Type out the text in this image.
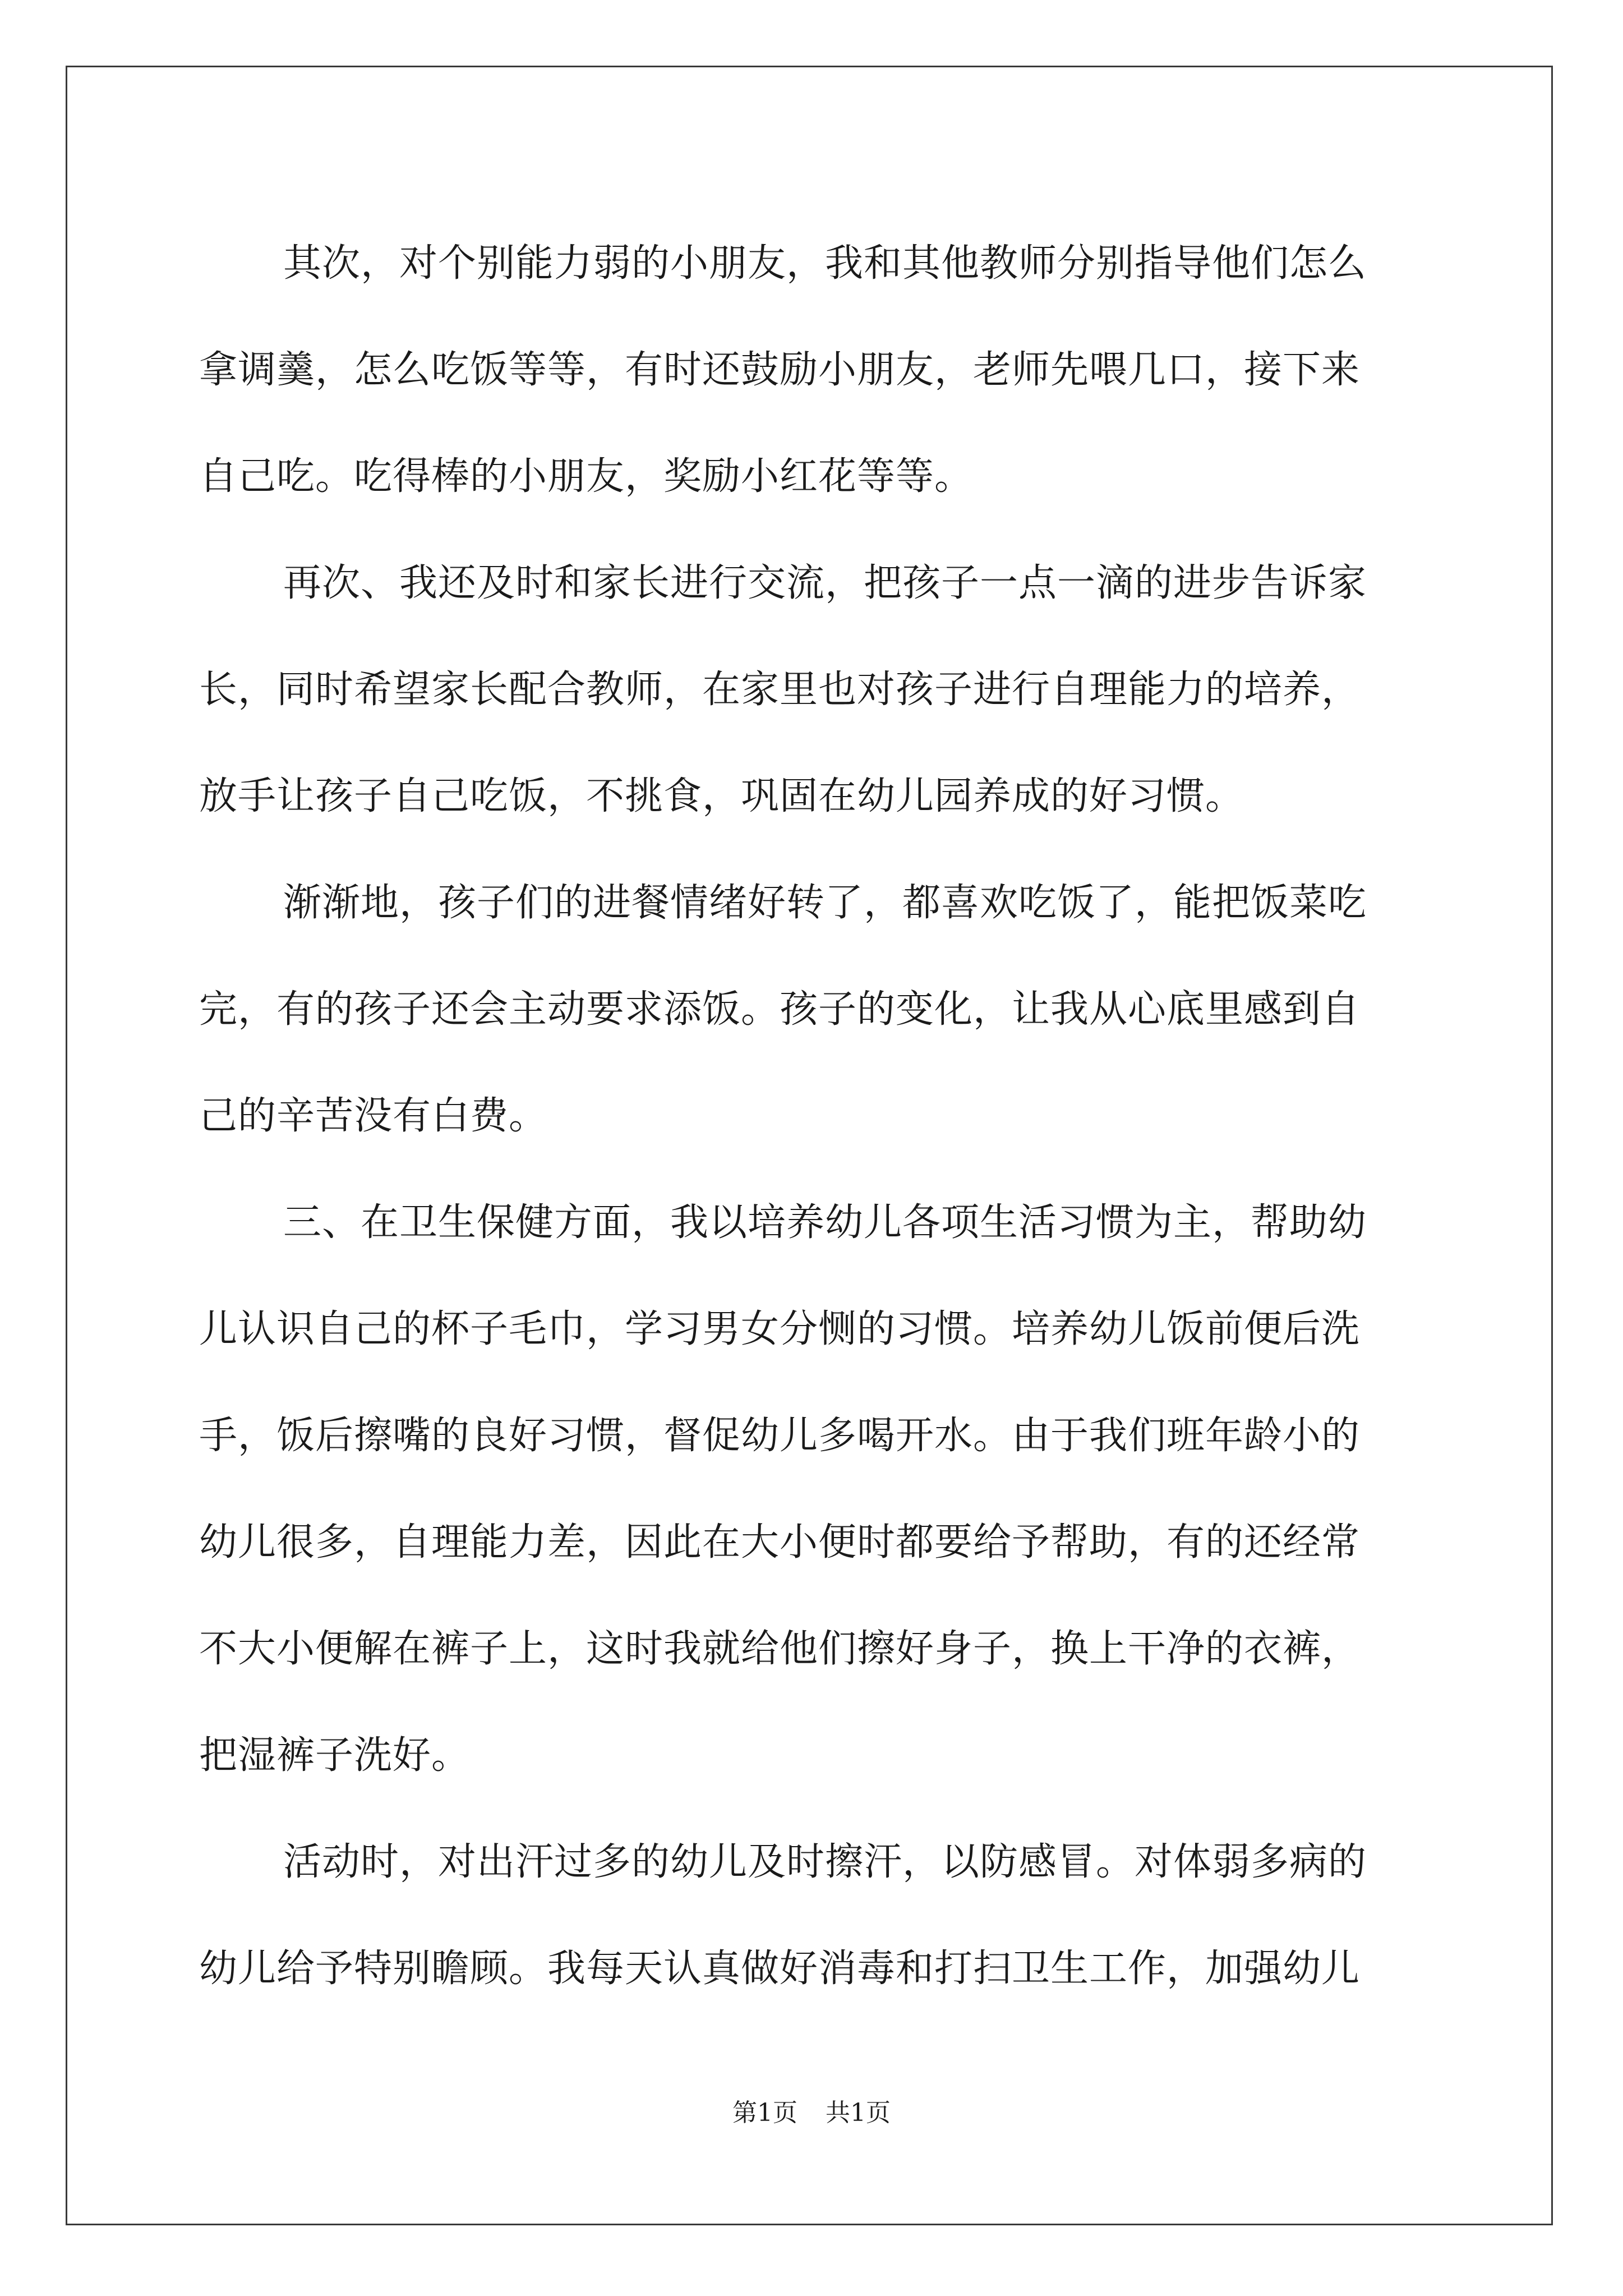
其次，对个别能力弱的小朋友，我和其他教师分别指导他们怎么
拿调羹，怎么吃饭等等，有时还鼓励小朋友，老师先喂几口，接下来
自己吃。吃得棒的小朋友，奖励小红花等等。

再次、我还及时和家长进行交流，把孩子一点一滴的进步告诉家
长，同时希望家长配合教师，在家里也对孩子进行自理能力的培养，
放手让孩子自己吃饭，不挑食，巩固在幼儿园养成的好习惯。

渐渐地，孩子们的进餐情绪好转了，都喜欢吃饭了，能把饭菜吃
完，有的孩子还会主动要求添饭。孩子的变化，让我从心底里感到自
己的辛苦没有白费。

三、在卫生保健方面，我以培养幼儿各项生活习惯为主，帮助幼
儿认识自己的杯子毛巾，学习男女分恻的习惯。培养幼儿饭前便后洗
手，饭后擦嘴的良好习惯，督促幼儿多喝开水。由于我们班年龄小的
幼儿很多，自理能力差，因此在大小便时都要给予帮助，有的还经常
不大小便解在裤子上，这时我就给他们擦好身子，换上干净的衣裤，
把湿裤子洗好。

活动时，对出汗过多的幼儿及时擦汗，以防感冒。对体弱多病的
幼儿给予特别瞻顾。我每天认真做好消毒和打扫卫生工作，加强幼儿

第1页 共1页
